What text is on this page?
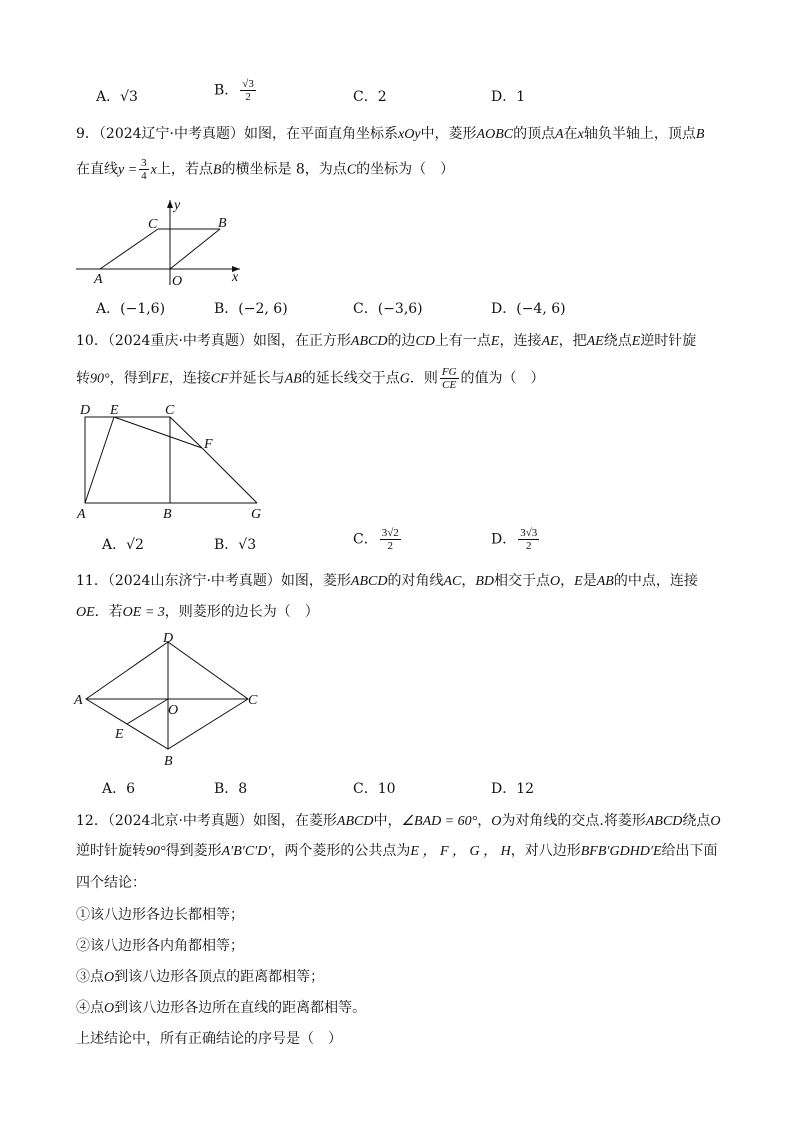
A．√3	B． $\frac{√3}{2}$	C．2	D．1
9．（2024辽宁·中考真题）如图，在平面直角坐标系xOy中，菱形AOBC的顶点A在x轴负半轴上，顶点B
在直线$y = \frac{3}{4}$ x上，若点B的横坐标是 8，为点C的坐标为（　）
C	B
A	O	x
y
A．(−1,6)	B．(−2, 6)	C．(−3,6)	D．(−4, 6)
10．（2024重庆·中考真题）如图，在正方形ABCD的边CD上有一点E，连接AE，把AE绕点E逆时针旋
转90°，得到FE，连接CF并延长与AB的延长线交于点G．则 $\frac{FG}{CE}$ 的值为（　）
D E	C
F
A	B	G
A．√2	B．√3	C． $\frac{3√2}{2}$	D． $\frac{3√3}{2}$
11．（2024山东济宁·中考真题）如图，菱形ABCD的对角线AC，BD相交于点O，E是AB的中点，连接
OE．若OE = 3，则菱形的边长为（　）
D
A	C
O
E
B
A．6	B．8	C．10	D．12
12．（2024北京·中考真题）如图，在菱形ABCD中，∠BAD = 60°，O为对角线的交点.将菱形ABCD绕点O
逆时针旋转90°得到菱形A′B′C′D′，两个菱形的公共点为E ， F ， G ， H，对八边形BFB′GDHD′E给出下面
四个结论：
①该八边形各边长都相等；
②该八边形各内角都相等；
③点O到该八边形各顶点的距离都相等；
④点O到该八边形各边所在直线的距离都相等。
上述结论中，所有正确结论的序号是（　）
